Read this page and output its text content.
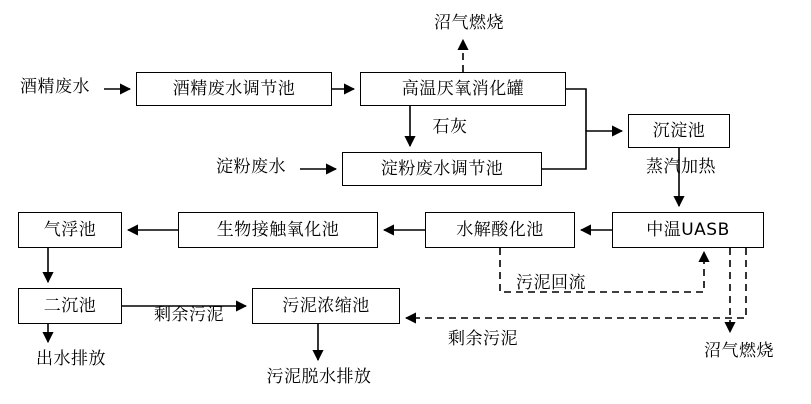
酒精废水调节池	高温厌氧消化罐
淀粉废水调节池
沉淀池
中温UASB
水解酸化池
生物接触氧化池
气浮池
二沉池	污泥浓缩池
沼气燃烧
酒精废水
石灰
淀粉废水	蒸汽加热
污泥回流
剩余污泥
剩余污泥
沼气燃烧
出水排放
污泥脱水排放
